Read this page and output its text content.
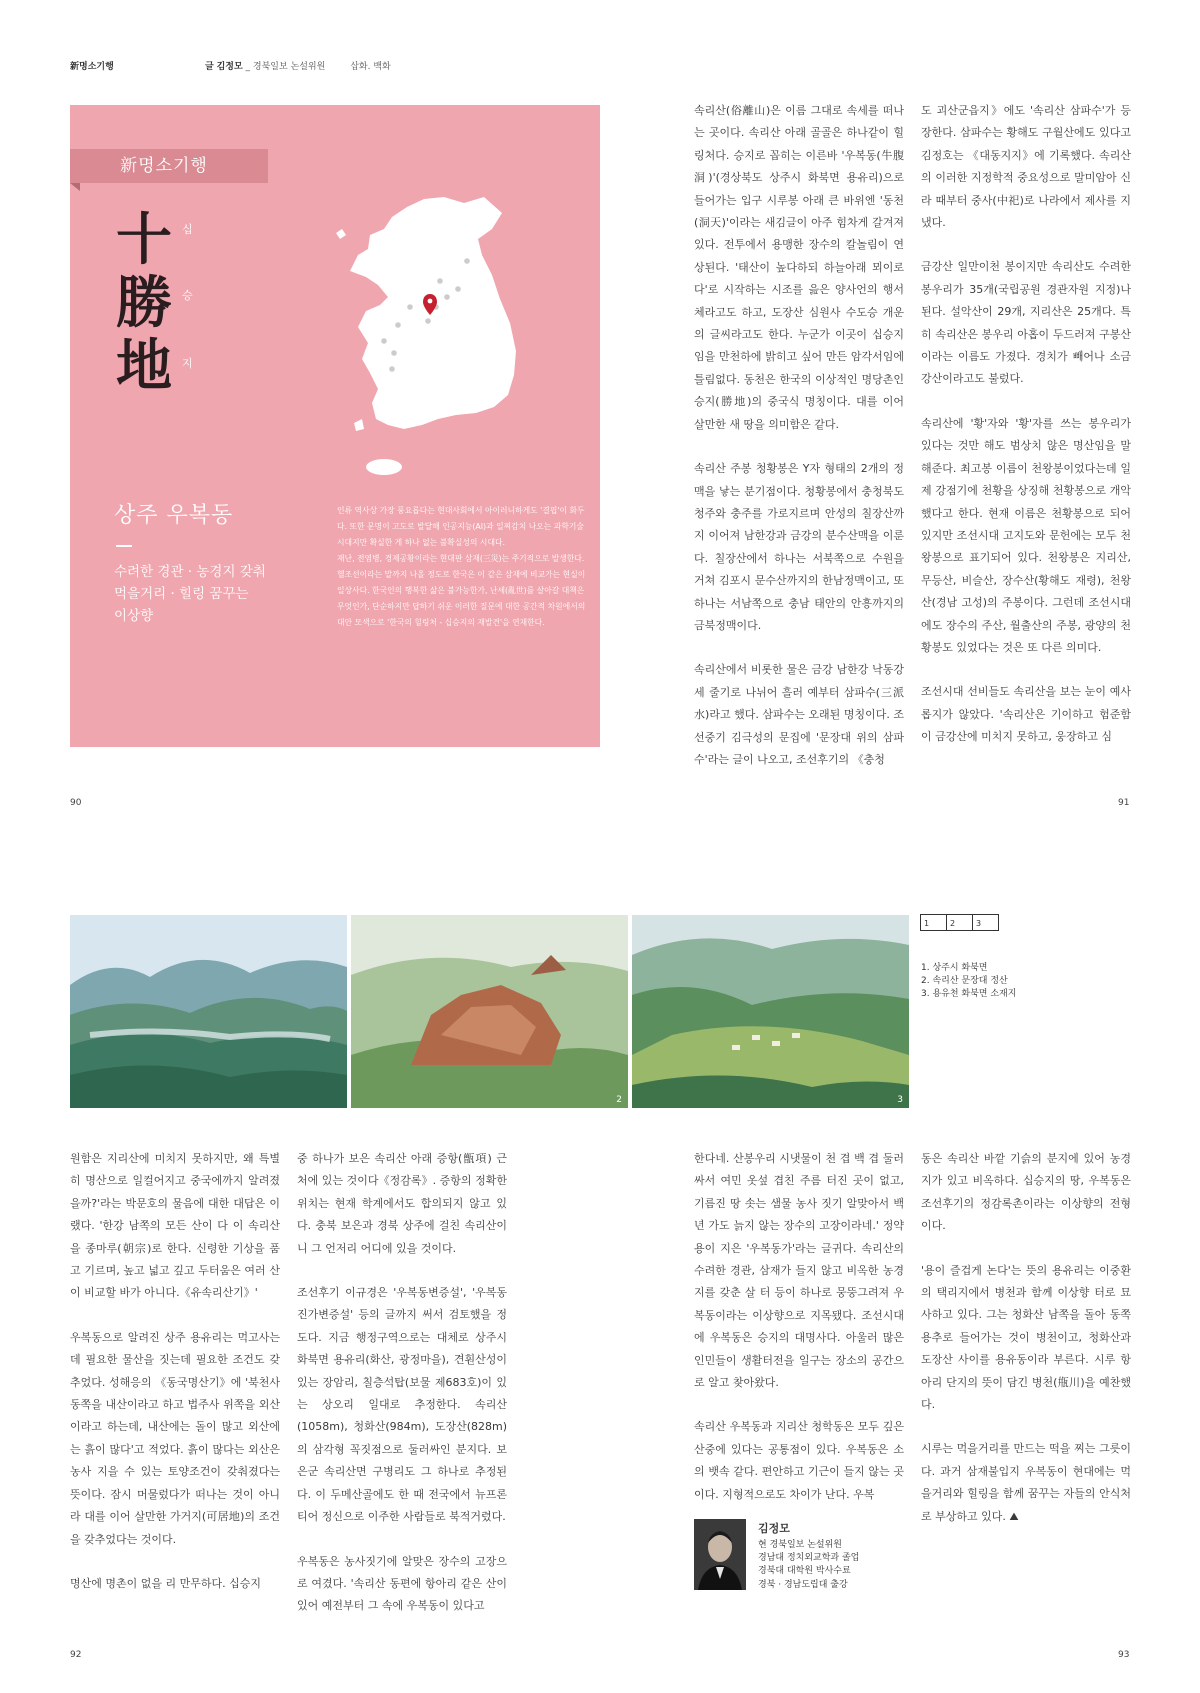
新명소기행	글 김정모 _ 경북일보 논설위원	삽화. 백화
新명소기행
十 십
勝 승
地 지
상주 우복동
수려한 경관 · 농경지 갖춰
먹을거리 · 힐링 꿈꾸는
이상향

인류 역사상 가장 풍요롭다는 현대사회에서 아이러니하게도 '결핍'이 화두다. 또한 문명이 고도로 발달해 인공지능(AI)과 일찌감치 나오는 과학기술 시대지만 확실한 게 하나 없는 불확실성의 시대다.

재난, 전염병, 경제공황이라는 현대판 삼재(三災)는 주기적으로 발생한다. 헬조선이라는 말까지 나올 정도로 한국은 이 같은 삼재에 비교가는 현실이 일상사다. 한국인의 행복한 삶은 불가능한가, 난세(亂世)를 살아갈 대책은 무엇인가, 단순하지만 답하기 쉬운 이러한 질문에 대한 공간적 차원에서의 대안 모색으로 '한국의 힐링처 - 십승지의 재발견'을 연재한다.

속리산(俗離山)은 이름 그대로 속세를 떠나는 곳이다. 속리산 아래 골골은 하나같이 힐링처다. 승지로 꼽히는 이른바 '우복동(牛腹洞)'(경상북도 상주시 화북면 용유리)으로 들어가는 입구 시루봉 아래 큰 바위엔 '동천(洞天)'이라는 새김글이 아주 힘차게 갈겨져 있다. 전투에서 용맹한 장수의 칼놀림이 연상된다. '태산이 높다하되 하늘아래 뫼이로다'로 시작하는 시조를 읊은 양사언의 행서체라고도 하고, 도장산 심원사 수도승 개운의 글씨라고도 한다. 누군가 이곳이 십승지임을 만천하에 밝히고 싶어 만든 암각서임에 틀림없다. 동천은 한국의 이상적인 명당촌인 승지(勝地)의 중국식 명칭이다. 대를 이어 살만한 새 땅을 의미함은 같다.

속리산 주봉 청황봉은 Y자 형태의 2개의 정맥을 낳는 분기점이다. 청황봉에서 충청북도 청주와 충주를 가로지르며 안성의 칠장산까지 이어져 남한강과 금강의 분수산맥을 이룬다. 칠장산에서 하나는 서북쪽으로 수원을 거쳐 김포시 문수산까지의 한남정맥이고, 또 하나는 서남쪽으로 충남 태안의 안흥까지의 금북정맥이다.

속리산에서 비롯한 물은 금강 남한강 낙동강 세 줄기로 나뉘어 흘러 예부터 삼파수(三派水)라고 했다. 삼파수는 오래된 명칭이다. 조선중기 김극성의 문집에 '문장대 위의 삼파수'라는 글이 나오고, 조선후기의 《충청

도 괴산군읍지》에도 '속리산 삼파수'가 등장한다. 삼파수는 황해도 구월산에도 있다고 김정호는 《대동지지》에 기록했다. 속리산의 이러한 지정학적 중요성으로 말미암아 신라 때부터 중사(中祀)로 나라에서 제사를 지냈다.

금강산 일만이천 봉이지만 속리산도 수려한 봉우리가 35개(국립공원 경관자원 지정)나 된다. 설악산이 29개, 지리산은 25개다. 특히 속리산은 봉우리 아홉이 두드러져 구봉산이라는 이름도 가졌다. 경치가 빼어나 소금강산이라고도 불렀다.

속리산에 '황'자와 '황'자를 쓰는 봉우리가 있다는 것만 해도 범상치 않은 명산임을 말해준다. 최고봉 이름이 천왕봉이었다는데 일제 강점기에 천황을 상징해 천황봉으로 개악했다고 한다. 현재 이름은 천황봉으로 되어있지만 조선시대 고지도와 문헌에는 모두 천왕봉으로 표기되어 있다. 천왕봉은 지리산, 무등산, 비슬산, 장수산(황해도 재령), 천왕산(경남 고성)의 주봉이다. 그런데 조선시대에도 장수의 주산, 월출산의 주봉, 광양의 천황봉도 있었다는 것은 또 다른 의미다.

조선시대 선비들도 속리산을 보는 눈이 예사롭지가 않았다. '속리산은 기이하고 험준함이 금강산에 미치지 못하고, 웅장하고 심

90	91
2	3
1	2	3
1. 상주시 화북면
2. 속리산 문장대 정산
3. 용유천 화북면 소재지

원함은 지리산에 미치지 못하지만, 왜 특별히 명산으로 일컬어지고 중국에까지 알려졌을까?'라는 박문호의 물음에 대한 대답은 이랬다. '한강 남쪽의 모든 산이 다 이 속리산을 종마루(朝宗)로 한다. 신령한 기상을 품고 기르며, 높고 넓고 깊고 두터움은 여러 산이 비교할 바가 아니다.《유속리산기》'

우복동으로 알려진 상주 용유리는 먹고사는데 필요한 물산을 짓는데 필요한 조건도 갖추었다. 성해응의 《동국명산기》에 '북천사 동쪽을 내산이라고 하고 법주사 위쪽을 외산이라고 하는데, 내산에는 돌이 많고 외산에는 흙이 많다'고 적었다. 흙이 많다는 외산은 농사 지을 수 있는 토양조건이 갖춰졌다는 뜻이다. 잠시 머물렀다가 떠나는 것이 아니라 대를 이어 살만한 가거지(可居地)의 조건을 갖추었다는 것이다.

명산에 명촌이 없을 리 만무하다. 십승지

중 하나가 보은 속리산 아래 증항(甑項) 근처에 있는 것이다《정감록》. 증항의 정확한 위치는 현재 학계에서도 합의되지 않고 있다. 충북 보은과 경북 상주에 걸친 속리산이니 그 언저리 어디에 있을 것이다.

조선후기 이규경은 '우복동변증설', '우복동진가변증설' 등의 글까지 써서 검토했을 정도다. 지금 행정구역으로는 대체로 상주시 화북면 용유리(화산, 광정마을), 견훤산성이 있는 장암리, 칠층석탑(보물 제683호)이 있는 상오리 일대로 추정한다. 속리산(1058m), 청화산(984m), 도장산(828m)의 삼각형 꼭짓점으로 둘러싸인 분지다. 보은군 속리산면 구병리도 그 하나로 추정된다. 이 두메산골에도 한 때 전국에서 뉴프론티어 정신으로 이주한 사람들로 북적거렸다.

우복동은 농사짓기에 알맞은 장수의 고장으로 여겼다. '속리산 동편에 항아리 같은 산이 있어 예전부터 그 속에 우복동이 있다고

한다네. 산봉우리 시냇물이 천 겹 백 겹 둘러싸서 여민 옷섶 겹친 주름 터진 곳이 없고, 기름진 땅 솟는 샘물 농사 짓기 알맞아서 백 년 가도 늙지 않는 장수의 고장이라네.' 정약용이 지은 '우복동가'라는 글귀다. 속리산의 수려한 경관, 삼재가 들지 않고 비옥한 농경지를 갖춘 살 터 등이 하나로 뭉뚱그려져 우복동이라는 이상향으로 지목됐다. 조선시대에 우복동은 승지의 대명사다. 아울러 많은 인민들이 생활터전을 일구는 장소의 공간으로 알고 찾아왔다.

속리산 우복동과 지리산 청학동은 모두 깊은 산중에 있다는 공통점이 있다. 우복동은 소의 뱃속 같다. 편안하고 기근이 들지 않는 곳이다. 지형적으로도 차이가 난다. 우복

동은 속리산 바깥 기슭의 분지에 있어 농경지가 있고 비옥하다. 십승지의 땅, 우복동은 조선후기의 정감록촌이라는 이상향의 전형이다.

'용이 즐겁게 논다'는 뜻의 용유리는 이중환의 택리지에서 병천과 함께 이상향 터로 묘사하고 있다. 그는 청화산 남쪽을 돌아 동쪽 용추로 들어가는 것이 병천이고, 청화산과 도장산 사이를 용유동이라 부른다. 시루 항아리 단지의 뜻이 담긴 병천(甁川)을 예찬했다.

시루는 먹을거리를 만드는 떡을 찌는 그릇이다. 과거 삼재불입지 우복동이 현대에는 먹을거리와 힐링을 함께 꿈꾸는 자들의 안식처로 부상하고 있다. ⛰

김정모
현 경북일보 논설위원
경남대 정치외교학과 졸업
경북대 대학원 박사수료
경북 · 경남도립대 출강
92	93
